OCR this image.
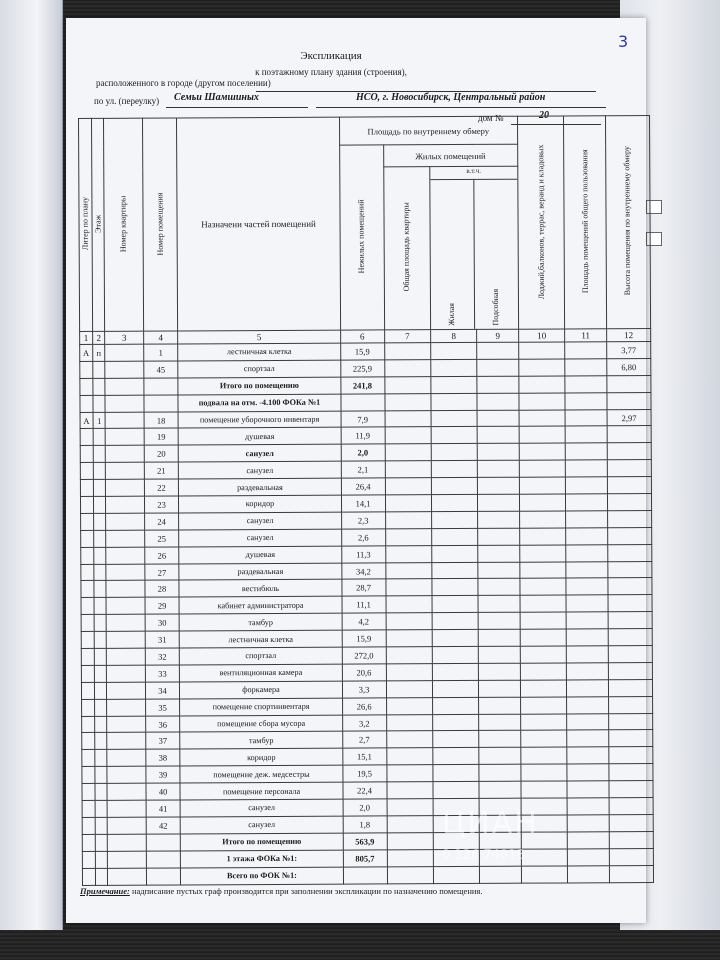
3
Экспликация
к поэтажному плану здания (строения),
расположенного в городе (другом поселении)
по ул. (переулку) Семьи Шамшиных	НСО, г. Новосибирск, Центральный район
дом №	20
Литер по плану	Этаж	Номер квартиры	Номер помещения	Назначени частей помещений	Площадь по внутреннему обмеру				Лоджий,балконов, террас, веранд и кладовых	Площадь помещений общего пользования	Высота помещения по внутреннему обмеру
					Нежилых помещений	Жилых помещений					
						Общая площадь квартиры	в.т.ч.
Жилая Подсобная				

1	2	3	4	5	6	7	8	9	10	11	12
А	п		1	лестничная клетка	15,9						3,77
			45	спортзал	225,9						6,80
				Итого по помещению	241,8						
				подвала на отм. -4.100 ФОКа №1							
А	1		18	помещение уборочного инвентаря	7,9						2,97
			19	душевая	11,9						
			20	санузел	2,0						
			21	санузел	2,1						
			22	раздевальная	26,4						
			23	коридор	14,1						
			24	санузел	2,3						
			25	санузел	2,6						
			26	душевая	11,3						
			27	раздевальная	34,2						
			28	вестибюль	28,7						
			29	кабинет администратора	11,1						
			30	тамбур	4,2						
			31	лестничная клетка	15,9						
			32	спортзал	272,0						
			33	вентиляционная камера	20,6						
			34	форкамера	3,3						
			35	помещение спортинвентаря	26,6						
			36	помещение сбора мусора	3,2						
			37	тамбур	2,7						
			38	коридор	15,1						
			39	помещение деж. медсестры	19,5						
			40	помещение персонала	22,4						
			41	санузел	2,0						
			42	санузел	1,8						
				Итого по помещению	563,9						
				1 этажа ФОКа №1:	805,7						
				Всего по ФОК №1:							
Примечание: надписание пустых граф производится при заполнении экспликации по назначению помещения.
ЦИАН
0 126 74018
